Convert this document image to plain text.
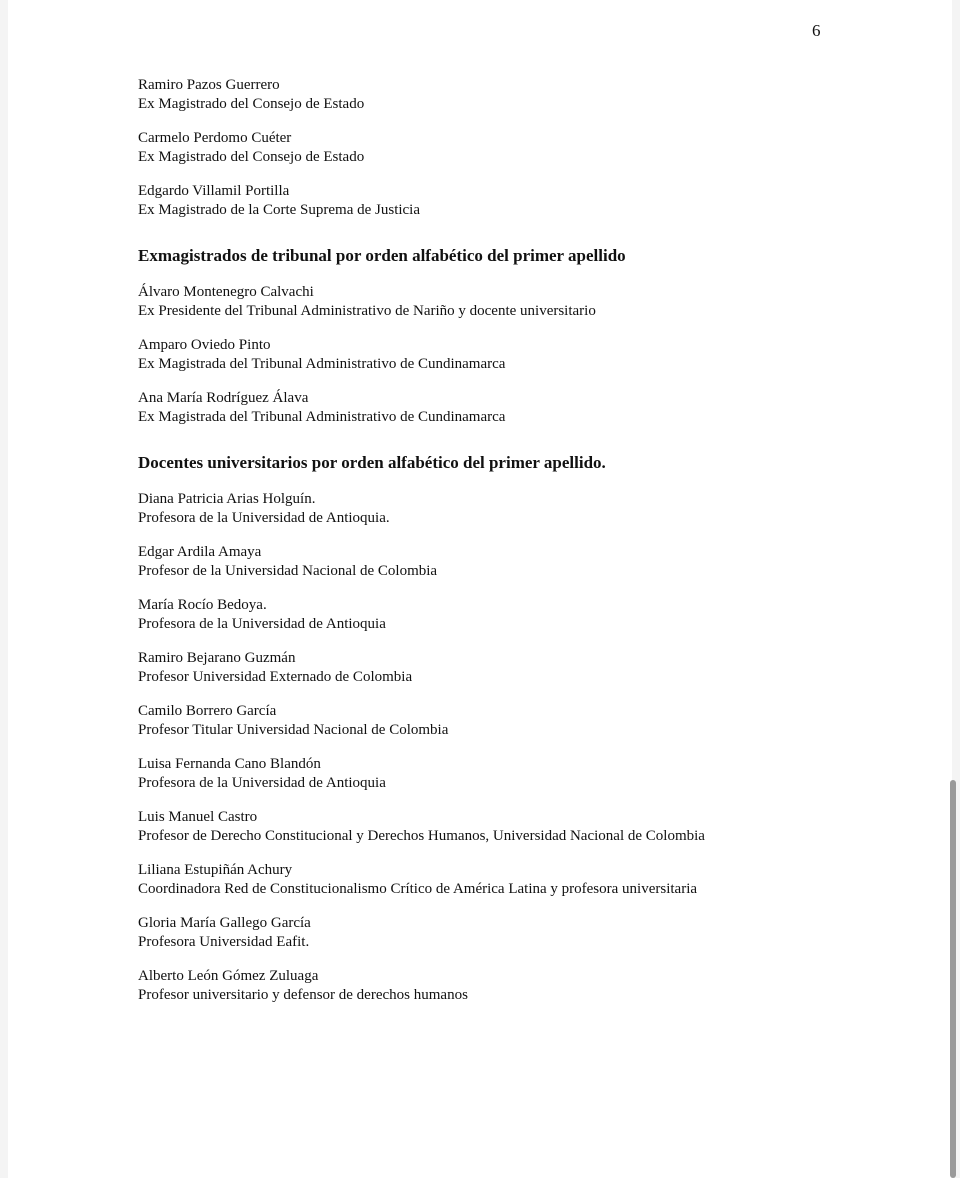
6
Ramiro Pazos Guerrero
Ex Magistrado del Consejo de Estado
Carmelo Perdomo Cuéter
Ex Magistrado del Consejo de Estado
Edgardo Villamil Portilla
Ex Magistrado de la Corte Suprema de Justicia
Exmagistrados de tribunal por orden alfabético del primer apellido
Álvaro Montenegro Calvachi
Ex Presidente del Tribunal Administrativo de Nariño y docente universitario
Amparo Oviedo Pinto
Ex Magistrada del Tribunal Administrativo de Cundinamarca
Ana María Rodríguez Álava
Ex Magistrada del Tribunal Administrativo de Cundinamarca
Docentes universitarios por orden alfabético del primer apellido.
Diana Patricia Arias Holguín.
Profesora de la Universidad de Antioquia.
Edgar Ardila Amaya
Profesor de la Universidad Nacional de Colombia
María Rocío Bedoya.
Profesora de la Universidad de Antioquia
Ramiro Bejarano Guzmán
Profesor Universidad Externado de Colombia
Camilo Borrero García
Profesor Titular Universidad Nacional de Colombia
Luisa Fernanda Cano Blandón
Profesora de la Universidad de Antioquia
Luis Manuel Castro
Profesor de Derecho Constitucional y Derechos Humanos, Universidad Nacional de Colombia
Liliana Estupiñán Achury
Coordinadora Red de Constitucionalismo Crítico de América Latina y profesora universitaria
Gloria María Gallego García
Profesora Universidad Eafit.
Alberto León Gómez Zuluaga
Profesor universitario y defensor de derechos humanos
